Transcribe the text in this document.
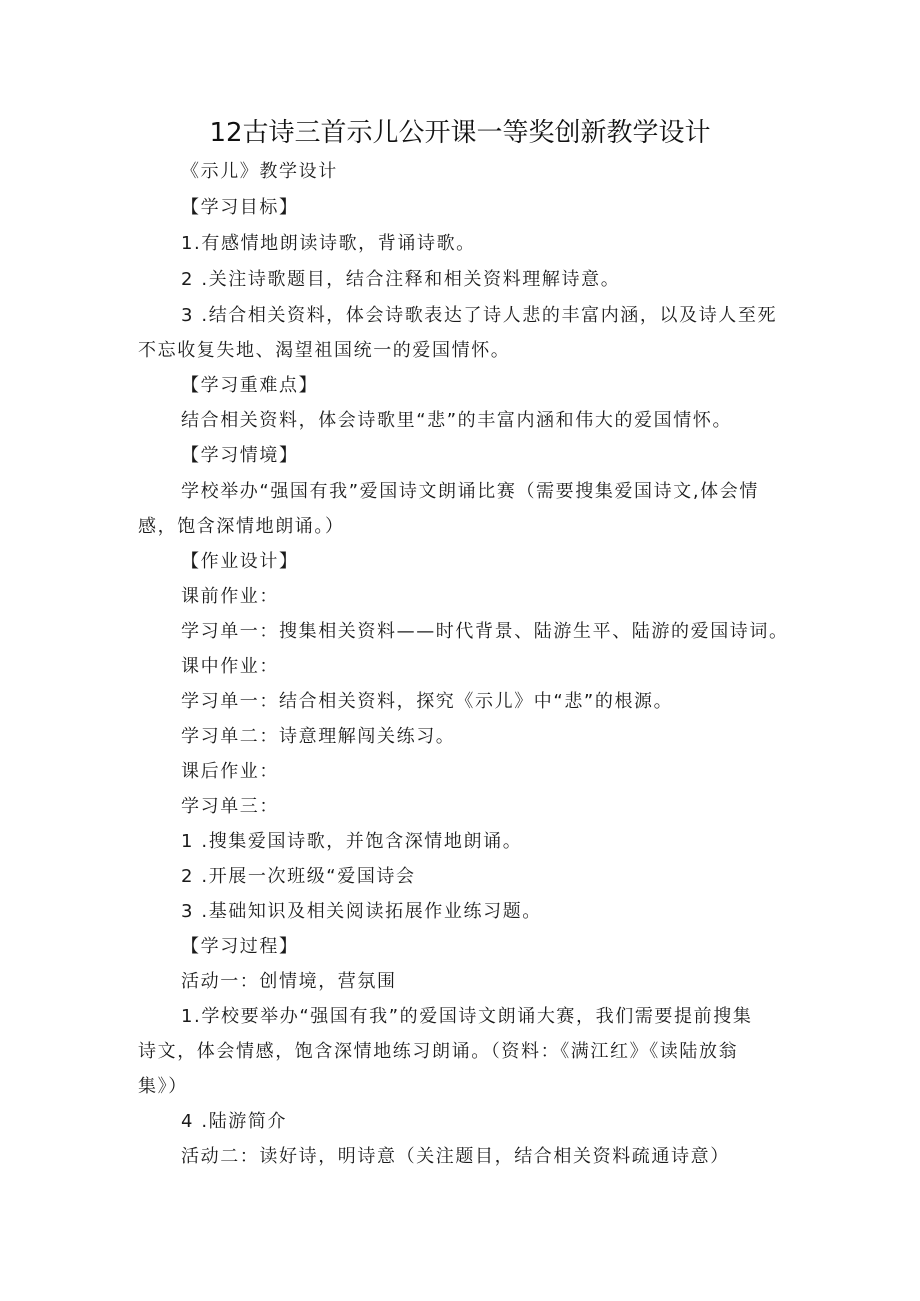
12古诗三首示儿公开课一等奖创新教学设计
《示儿》教学设计
【学习目标】
1.有感情地朗读诗歌，背诵诗歌。
2 .关注诗歌题目，结合注释和相关资料理解诗意。
3 .结合相关资料，体会诗歌表达了诗人悲的丰富内涵，以及诗人至死
不忘收复失地、渴望祖国统一的爱国情怀。
【学习重难点】
结合相关资料，体会诗歌里“悲”的丰富内涵和伟大的爱国情怀。
【学习情境】
学校举办“强国有我”爱国诗文朗诵比赛（需要搜集爱国诗文,体会情
感，饱含深情地朗诵。）
【作业设计】
课前作业：
学习单一：搜集相关资料——时代背景、陆游生平、陆游的爱国诗词。
课中作业：
学习单一：结合相关资料，探究《示儿》中“悲”的根源。
学习单二：诗意理解闯关练习。
课后作业：
学习单三：
1 .搜集爱国诗歌，并饱含深情地朗诵。
2 .开展一次班级“爱国诗会
3 .基础知识及相关阅读拓展作业练习题。
【学习过程】
活动一：创情境，营氛围
1.学校要举办“强国有我”的爱国诗文朗诵大赛，我们需要提前搜集
诗文，体会情感，饱含深情地练习朗诵。（资料：《满江红》《读陆放翁
集》）
4 .陆游简介
活动二：读好诗，明诗意（关注题目，结合相关资料疏通诗意）
